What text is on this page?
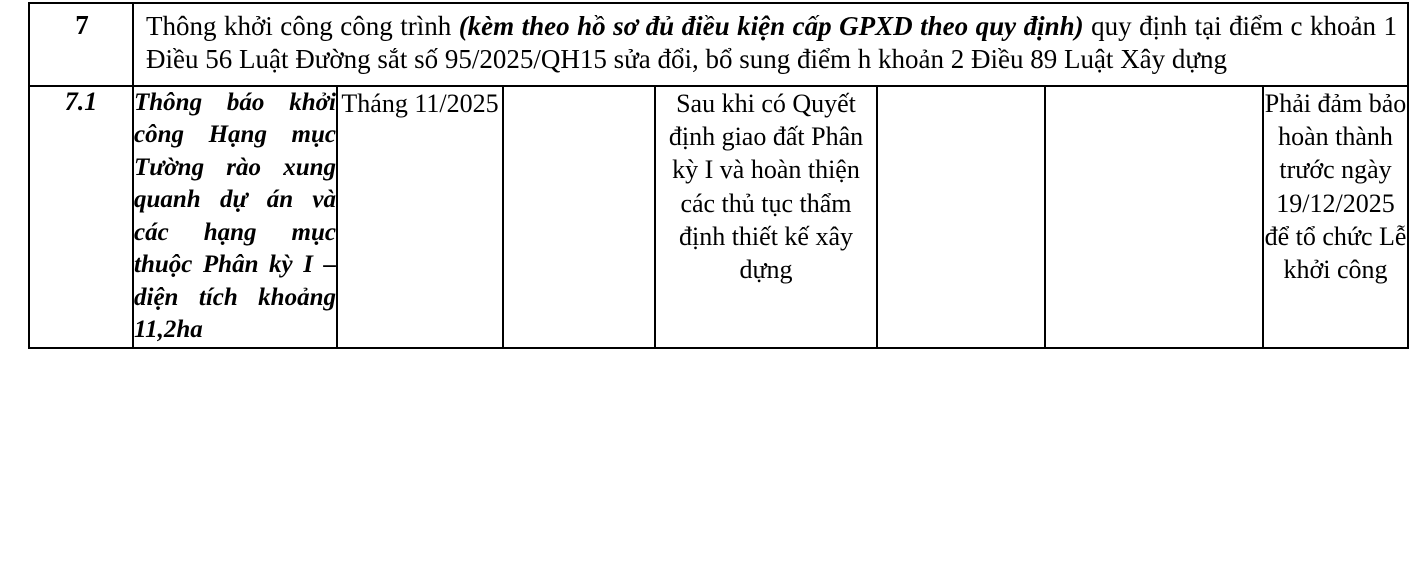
7	Thông khởi công công trình (kèm theo hồ sơ đủ điều kiện cấp GPXD theo quy định) quy định tại điểm c khoản 1 Điều 56 Luật Đường sắt số 95/2025/QH15 sửa đổi, bổ sung điểm h khoản 2 Điều 89 Luật Xây dựng						
7.1	Thông báo khởi công Hạng mục Tường rào xung quanh dự án và các hạng mục thuộc Phân kỳ I – diện tích khoảng 11,2ha	Tháng 11/2025		Sau khi có Quyết định giao đất Phân kỳ I và hoàn thiện các thủ tục thẩm định thiết kế xây dựng			Phải đảm bảo hoàn thành trước ngày 19/12/2025 để tổ chức Lễ khởi công
